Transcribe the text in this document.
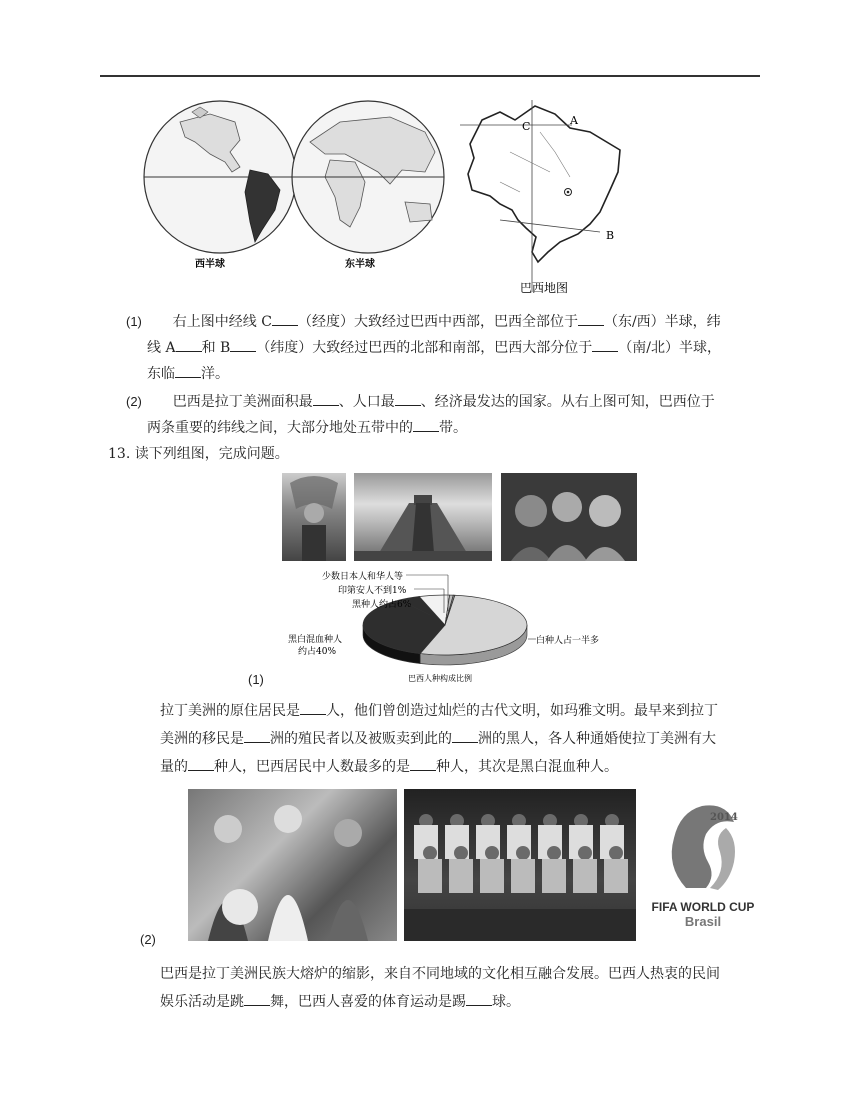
西半球	东半球
A
B
C
巴西地图
(1) 右上图中经线 C （经度）大致经过巴西中西部，巴西全部位于 （东/西）半球，纬
线 A 和 B （纬度）大致经过巴西的北部和南部，巴西大部分位于 （南/北）半球，
东临 洋。
(2) 巴西是拉丁美洲面积最 、人口最 、经济最发达的国家。从右上图可知，巴西位于
两条重要的纬线之间，大部分地处五带中的 带。
13. 读下列组图，完成问题。
少数日本人和华人等
印第安人不到1%
黑种人约占6%
黑白混血种人
约占40%
白种人占一半多
巴西人种构成比例
(1)
拉丁美洲的原住居民是 人，他们曾创造过灿烂的古代文明，如玛雅文明。最早来到拉丁
美洲的移民是 洲的殖民者以及被贩卖到此的 洲的黑人，各人种通婚使拉丁美洲有大
量的 种人，巴西居民中人数最多的是 种人，其次是黑白混血种人。
2014
FIFA WORLD CUP
Brasil
(2)
巴西是拉丁美洲民族大熔炉的缩影，来自不同地域的文化相互融合发展。巴西人热衷的民间
娱乐活动是跳 舞，巴西人喜爱的体育运动是踢 球。
